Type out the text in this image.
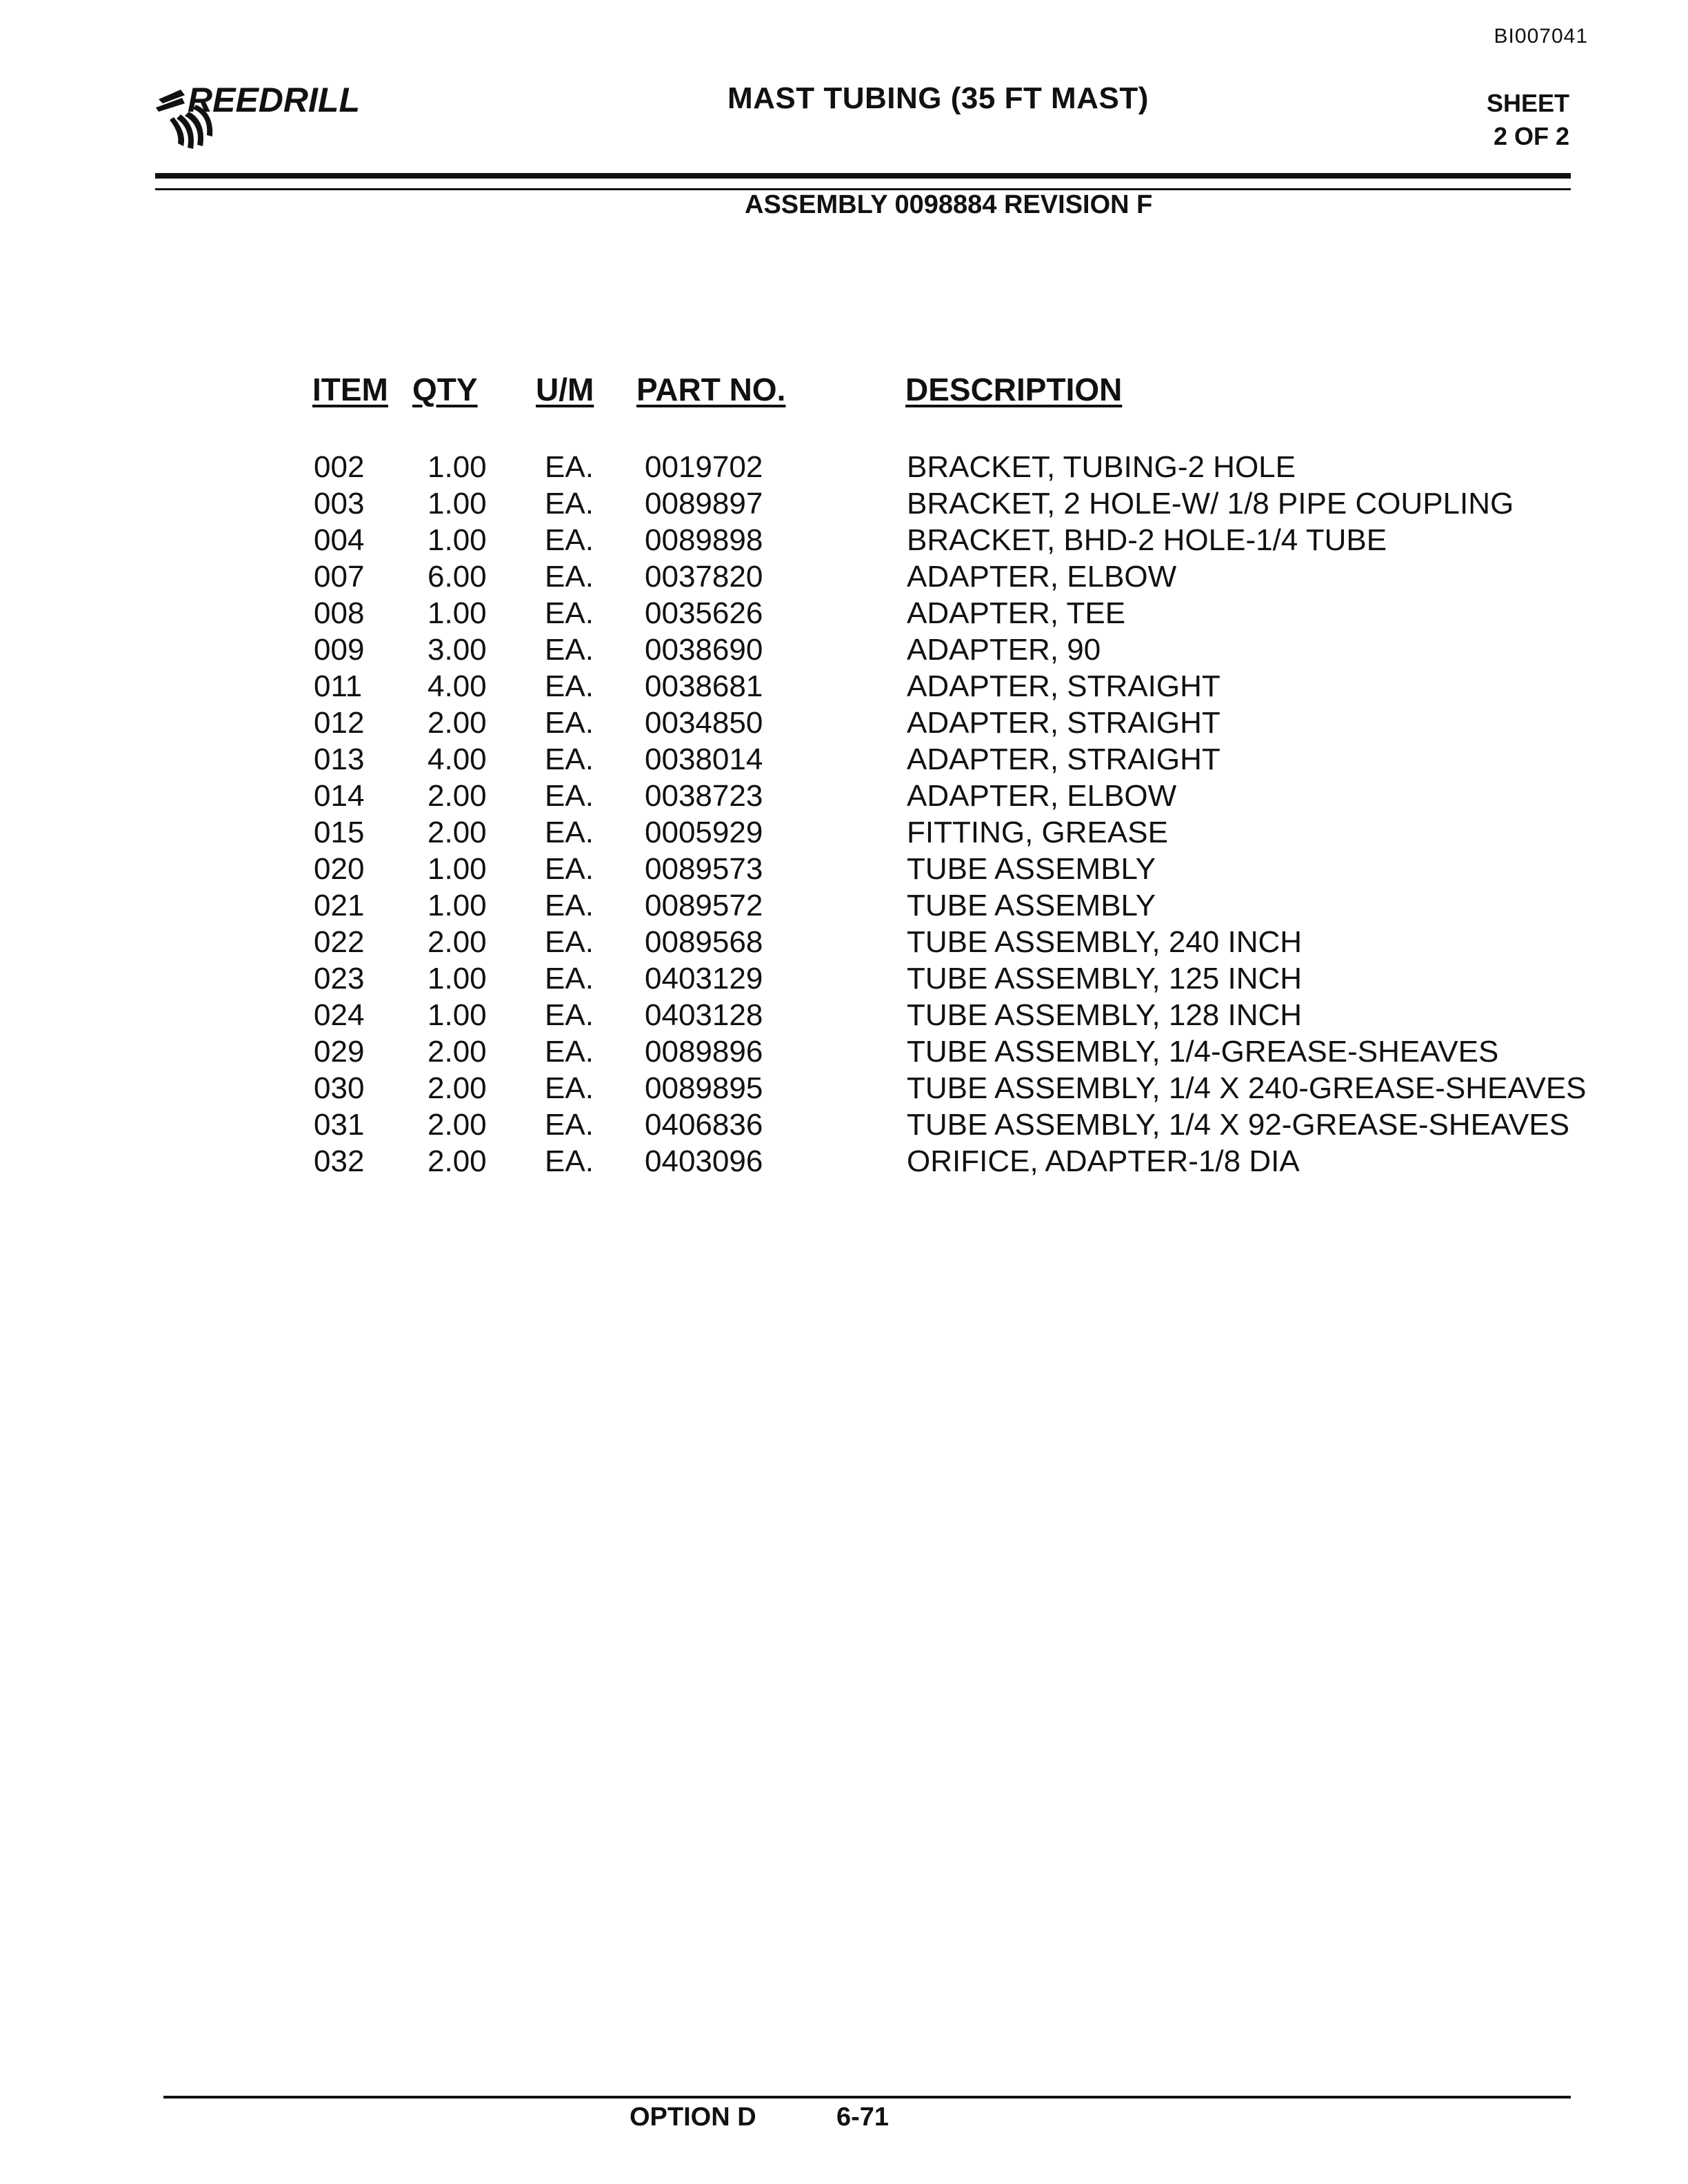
BI007041
REEDRILL	MAST TUBING (35 FT MAST)	SHEET
2 OF 2
ASSEMBLY 0098884 REVISION F
ITEM QTY U/M PART NO.	DESCRIPTION
002 1.00 EA. 0019702	BRACKET, TUBING-2 HOLE
003 1.00 EA. 0089897	BRACKET, 2 HOLE-W/ 1/8 PIPE COUPLING
004 1.00 EA. 0089898	BRACKET, BHD-2 HOLE-1/4 TUBE
007 6.00 EA. 0037820	ADAPTER, ELBOW
008 1.00 EA. 0035626	ADAPTER, TEE
009 3.00 EA. 0038690	ADAPTER, 90
011 4.00 EA. 0038681	ADAPTER, STRAIGHT
012 2.00 EA. 0034850	ADAPTER, STRAIGHT
013 4.00 EA. 0038014	ADAPTER, STRAIGHT
014 2.00 EA. 0038723	ADAPTER, ELBOW
015 2.00 EA. 0005929	FITTING, GREASE
020 1.00 EA. 0089573	TUBE ASSEMBLY
021 1.00 EA. 0089572	TUBE ASSEMBLY
022 2.00 EA. 0089568	TUBE ASSEMBLY, 240 INCH
023 1.00 EA. 0403129	TUBE ASSEMBLY, 125 INCH
024 1.00 EA. 0403128	TUBE ASSEMBLY, 128 INCH
029 2.00 EA. 0089896	TUBE ASSEMBLY, 1/4-GREASE-SHEAVES
030 2.00 EA. 0089895	TUBE ASSEMBLY, 1/4 X 240-GREASE-SHEAVES
031 2.00 EA. 0406836	TUBE ASSEMBLY, 1/4 X 92-GREASE-SHEAVES
032 2.00 EA. 0403096	ORIFICE, ADAPTER-1/8 DIA
OPTION D	6-71
